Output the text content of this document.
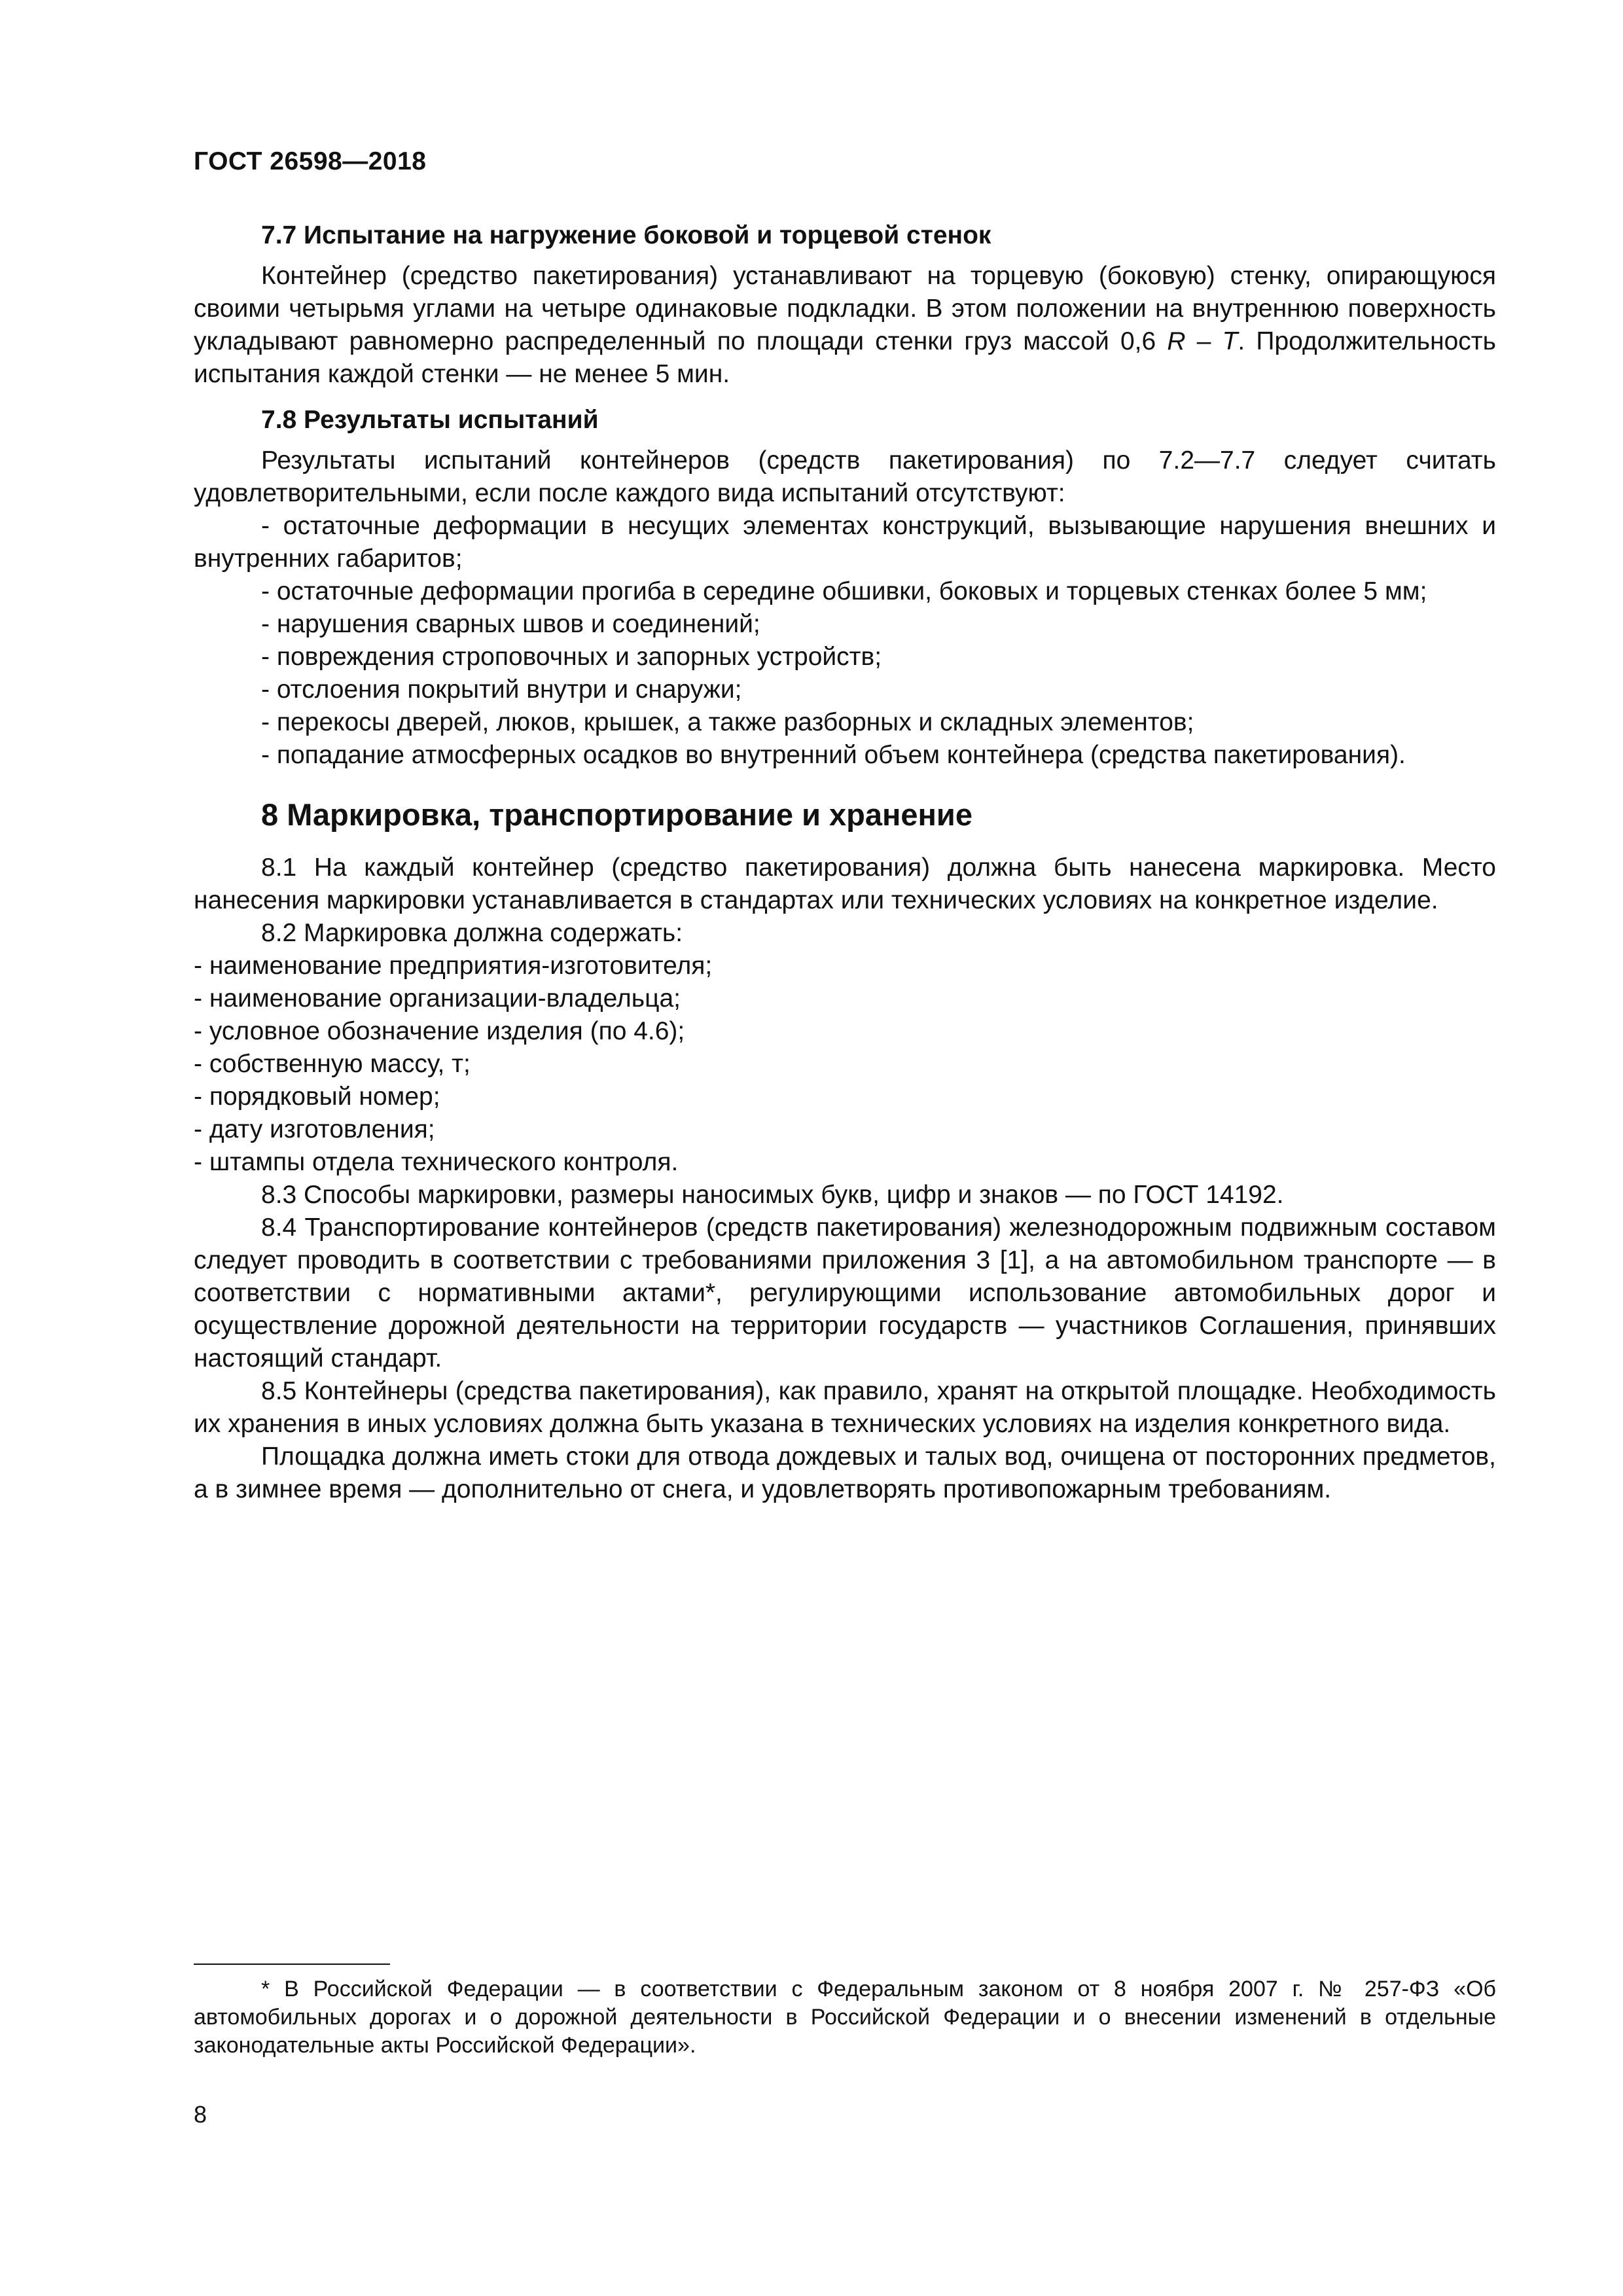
ГОСТ 26598—2018
7.7 Испытание на нагружение боковой и торцевой стенок

Контейнер (средство пакетирования) устанавливают на торцевую (боковую) стенку, опирающуюся своими четырьмя углами на четыре одинаковые подкладки. В этом положении на внутреннюю поверхность укладывают равномерно распределенный по площади стенки груз массой 0,6 R – T. Продолжительность испытания каждой стенки — не менее 5 мин.

7.8 Результаты испытаний

Результаты испытаний контейнеров (средств пакетирования) по 7.2—7.7 следует считать удовлетворительными, если после каждого вида испытаний отсутствуют:

- остаточные деформации в несущих элементах конструкций, вызывающие нарушения внешних и внутренних габаритов;
- остаточные деформации прогиба в середине обшивки, боковых и торцевых стенках более 5 мм;
- нарушения сварных швов и соединений;
- повреждения строповочных и запорных устройств;
- отслоения покрытий внутри и снаружи;
- перекосы дверей, люков, крышек, а также разборных и складных элементов;
- попадание атмосферных осадков во внутренний объем контейнера (средства пакетирования).
8 Маркировка, транспортирование и хранение

8.1 На каждый контейнер (средство пакетирования) должна быть нанесена маркировка. Место нанесения маркировки устанавливается в стандартах или технических условиях на конкретное изделие.

8.2 Маркировка должна содержать:

- наименование предприятия-изготовителя;
- наименование организации-владельца;
- условное обозначение изделия (по 4.6);
- собственную массу, т;
- порядковый номер;
- дату изготовления;
- штампы отдела технического контроля.

8.3 Способы маркировки, размеры наносимых букв, цифр и знаков — по ГОСТ 14192.

8.4 Транспортирование контейнеров (средств пакетирования) железнодорожным подвижным составом следует проводить в соответствии с требованиями приложения 3 [1], а на автомобильном транспорте — в соответствии с нормативными актами*, регулирующими использование автомобильных дорог и осуществление дорожной деятельности на территории государств — участников Соглашения, принявших настоящий стандарт.

8.5 Контейнеры (средства пакетирования), как правило, хранят на открытой площадке. Необходимость их хранения в иных условиях должна быть указана в технических условиях на изделия конкретного вида.

Площадка должна иметь стоки для отвода дождевых и талых вод, очищена от посторонних предметов, а в зимнее время — дополнительно от снега, и удовлетворять противопожарным требованиям.

* В Российской Федерации — в соответствии с Федеральным законом от 8 ноября 2007 г. № 257-ФЗ «Об автомобильных дорогах и о дорожной деятельности в Российской Федерации и о внесении изменений в отдельные законодательные акты Российской Федерации».
8
